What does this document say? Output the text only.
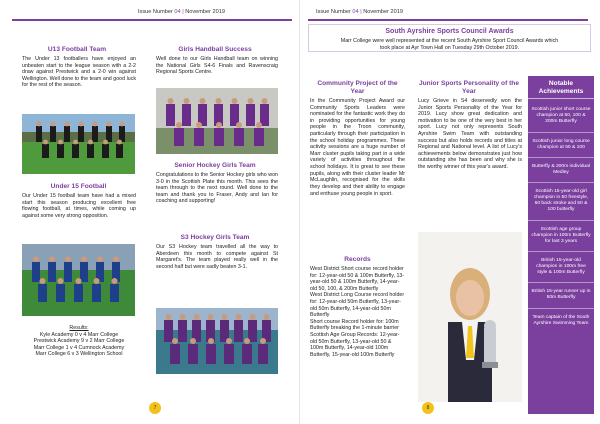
Issue Number 04 | November 2019
U13 Football Team
The Under 13 footballers have enjoyed an unbeaten start to the league season with a 2-2 draw against Prestwick and a 2-0 win against Wellington. Well done to the team and good luck for the rest of the season.
Under 15 Football
Our Under 15 football team have had a mixed start this season producing excellent free flowing football, at times, while coming up against some very strong opposition.
Results:
Kyle Academy 0 v 4 Marr College
Prestwick Academy 9 v 2 Marr College
Marr College 1 v 4 Cumnock Academy
Marr College 6 v 3 Wellington School
Girls Handball Success
Well done to our Girls Handball team on winning the National Girls S4-6 Finals and Ravenscraig Regional Sports Centre.
Senior Hockey Girls Team
Congratulations to the Senior Hockey girls who won 3-0 in the Scottish Plate this month. This sees the team through to the next round. Well done to the team and thank you to Fraser, Andy and Ian for coaching and supporting!
S3 Hockey Girls Team
Our S3 Hockey team travelled all the way to Aberdeen this month to compete against St Margaret's. The team played really well in the second half but were sadly beaten 3-1.
7
Issue Number 04 | November 2019
South Ayrshire Sports Council Awards
Marr College were well represented at the recent South Ayrshire Sport Council Awards which took place at Ayr Town Hall on Tuesday 29th October 2019.
Community Project of the Year
In the Community Project Award our Community Sports Leaders were nominated for the fantastic work they do in providing opportunities for young people in the Troon community, particularly through their participation in the school holiday programmes. These activity sessions are a huge number of Marr cluster pupils taking part in a wide variety of activities throughout the school holidays. It is great to see these pupils, along with their cluster leader Mr McLaughlin, recognised for the skills they develop and their ability to engage and enthuse young people in sport.
Records
West District Short course record holder for: 12-year-old 50 & 100m Butterfly, 13-year-old 50 & 100m Butterfly, 14-year-old 50, 100, & 200m Butterfly
West District Long Course record holder for: 12-year-old 50m Butterfly, 13-year-old 50m Butterfly, 14-year-old 50m Butterfly
Short course Record holder for: 100m Butterfly breaking the 1-minute barrier
Scottish Age Group Records: 12-year-old 50m Butterfly, 13-year-old 50 & 100m Butterfly, 14-year-old 100m Butterfly, 15-year-old 100m Butterfly
Junior Sports Personality of the Year
Lucy Grieve in S4 deservedly won the Junior Sports Personality of the Year for 2019. Lucy show great dedication and motivation to be one of the very best in her sport. Lucy not only represents South Ayrshire Swim Team with outstanding success but also holds records and titles at Regional and National level. A list of Lucy's achievements below demonstrates just how outstanding she has been and why she is the worthy winner of this year's award.
Notable Achievements
Scottish junior short course champion at 50, 100 & 200m Butterfly
Scottish junior long course champion at 50 & 100
Butterfly & 200m individual Medley
Scottish 15-year-old girl champion in 50 freestyle, 50 back stroke and 50 & 100 butterfly
Scottish age group champion in 100m Butterfly for last 3 years
British 15-year-old champion in 100m free style & 100m Butterfly
British 15-year runner up in 50m Butterfly
Team captain of the South Ayrshire Swimming Team
8
